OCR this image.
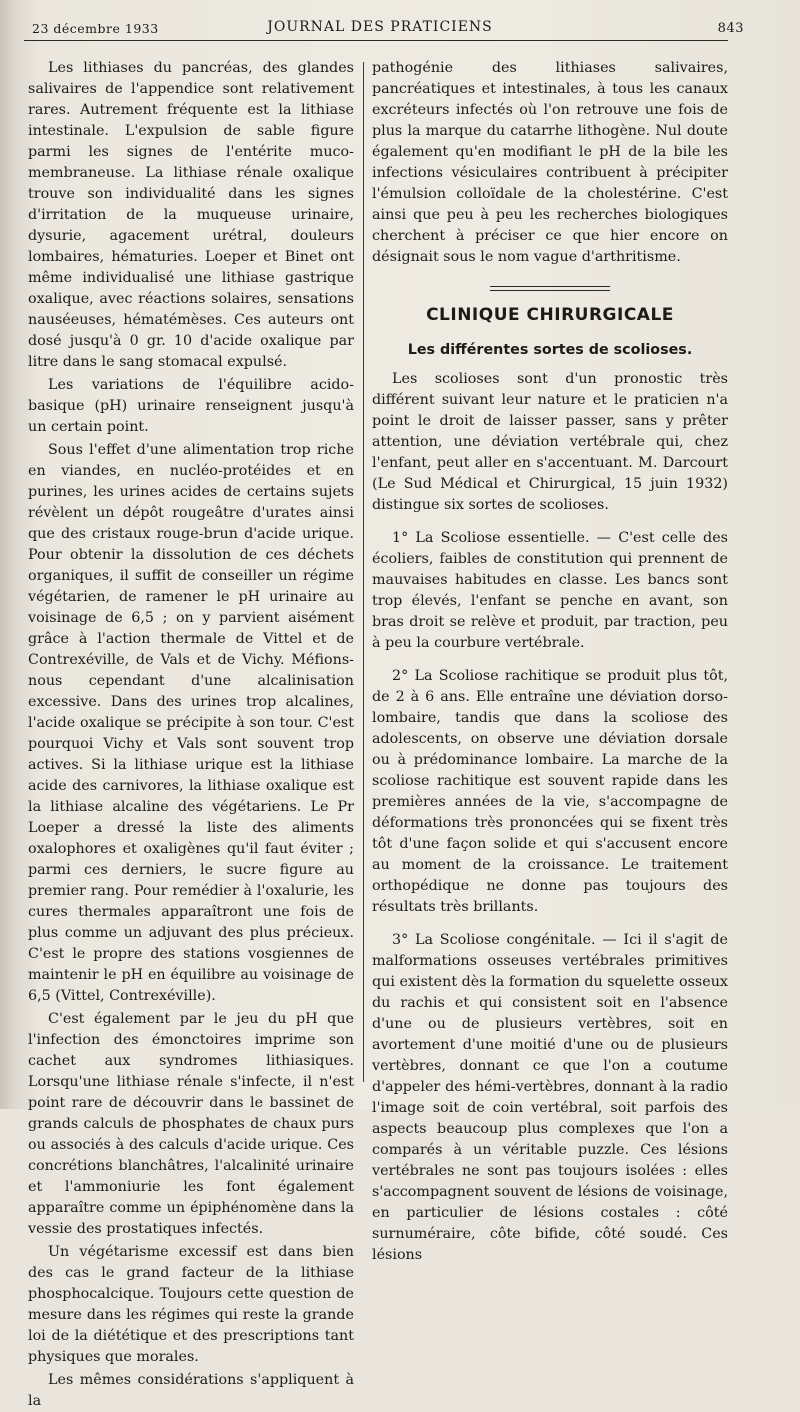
23 décembre 1933	JOURNAL DES PRATICIENS	843

Les lithiases du pancréas, des glandes salivaires de l'appendice sont relativement rares. Autrement fréquente est la lithiase intestinale. L'expulsion de sable figure parmi les signes de l'entérite muco-membraneuse. La lithiase rénale oxalique trouve son individualité dans les signes d'irritation de la muqueuse urinaire, dysurie, agacement urétral, douleurs lombaires, hématuries. Loeper et Binet ont même individualisé une lithiase gastrique oxalique, avec réactions solaires, sensations nauséeuses, hématémèses. Ces auteurs ont dosé jusqu'à 0 gr. 10 d'acide oxalique par litre dans le sang stomacal expulsé.

Les variations de l'équilibre acido-basique (pH) urinaire renseignent jusqu'à un certain point.

Sous l'effet d'une alimentation trop riche en viandes, en nucléo-protéides et en purines, les urines acides de certains sujets révèlent un dépôt rougeâtre d'urates ainsi que des cristaux rouge-brun d'acide urique. Pour obtenir la dissolution de ces déchets organiques, il suffit de conseiller un régime végétarien, de ramener le pH urinaire au voisinage de 6,5 ; on y parvient aisément grâce à l'action thermale de Vittel et de Contrexéville, de Vals et de Vichy. Méfions-nous cependant d'une alcalinisation excessive. Dans des urines trop alcalines, l'acide oxalique se précipite à son tour. C'est pourquoi Vichy et Vals sont souvent trop actives. Si la lithiase urique est la lithiase acide des carnivores, la lithiase oxalique est la lithiase alcaline des végétariens. Le Pr Loeper a dressé la liste des aliments oxalophores et oxaligènes qu'il faut éviter ; parmi ces derniers, le sucre figure au premier rang. Pour remédier à l'oxalurie, les cures thermales apparaîtront une fois de plus comme un adjuvant des plus précieux. C'est le propre des stations vosgiennes de maintenir le pH en équilibre au voisinage de 6,5 (Vittel, Contrexéville).

C'est également par le jeu du pH que l'infection des émonctoires imprime son cachet aux syndromes lithiasiques. Lorsqu'une lithiase rénale s'infecte, il n'est point rare de découvrir dans le bassinet de grands calculs de phosphates de chaux purs ou associés à des calculs d'acide urique. Ces concrétions blanchâtres, l'alcalinité urinaire et l'ammoniurie les font également apparaître comme un épiphénomène dans la vessie des prostatiques infectés.

Un végétarisme excessif est dans bien des cas le grand facteur de la lithiase phosphocalcique. Toujours cette question de mesure dans les régimes qui reste la grande loi de la diététique et des prescriptions tant physiques que morales.

Les mêmes considérations s'appliquent à la

pathogénie des lithiases salivaires, pancréatiques et intestinales, à tous les canaux excréteurs infectés où l'on retrouve une fois de plus la marque du catarrhe lithogène. Nul doute également qu'en modifiant le pH de la bile les infections vésiculaires contribuent à précipiter l'émulsion colloïdale de la cholestérine. C'est ainsi que peu à peu les recherches biologiques cherchent à préciser ce que hier encore on désignait sous le nom vague d'arthritisme.

CLINIQUE CHIRURGICALE
Les différentes sortes de scolioses.

Les scolioses sont d'un pronostic très différent suivant leur nature et le praticien n'a point le droit de laisser passer, sans y prêter attention, une déviation vertébrale qui, chez l'enfant, peut aller en s'accentuant. M. Darcourt (Le Sud Médical et Chirurgical, 15 juin 1932) distingue six sortes de scolioses.

1° La Scoliose essentielle. — C'est celle des écoliers, faibles de constitution qui prennent de mauvaises habitudes en classe. Les bancs sont trop élevés, l'enfant se penche en avant, son bras droit se relève et produit, par traction, peu à peu la courbure vertébrale.

2° La Scoliose rachitique se produit plus tôt, de 2 à 6 ans. Elle entraîne une déviation dorso-lombaire, tandis que dans la scoliose des adolescents, on observe une déviation dorsale ou à prédominance lombaire. La marche de la scoliose rachitique est souvent rapide dans les premières années de la vie, s'accompagne de déformations très prononcées qui se fixent très tôt d'une façon solide et qui s'accusent encore au moment de la croissance. Le traitement orthopédique ne donne pas toujours des résultats très brillants.

3° La Scoliose congénitale. — Ici il s'agit de malformations osseuses vertébrales primitives qui existent dès la formation du squelette osseux du rachis et qui consistent soit en l'absence d'une ou de plusieurs vertèbres, soit en avortement d'une moitié d'une ou de plusieurs vertèbres, donnant ce que l'on a coutume d'appeler des hémi-vertèbres, donnant à la radio l'image soit de coin vertébral, soit parfois des aspects beaucoup plus complexes que l'on a comparés à un véritable puzzle. Ces lésions vertébrales ne sont pas toujours isolées : elles s'accompagnent souvent de lésions de voisinage, en particulier de lésions costales : côté surnuméraire, côte bifide, côté soudé. Ces lésions
